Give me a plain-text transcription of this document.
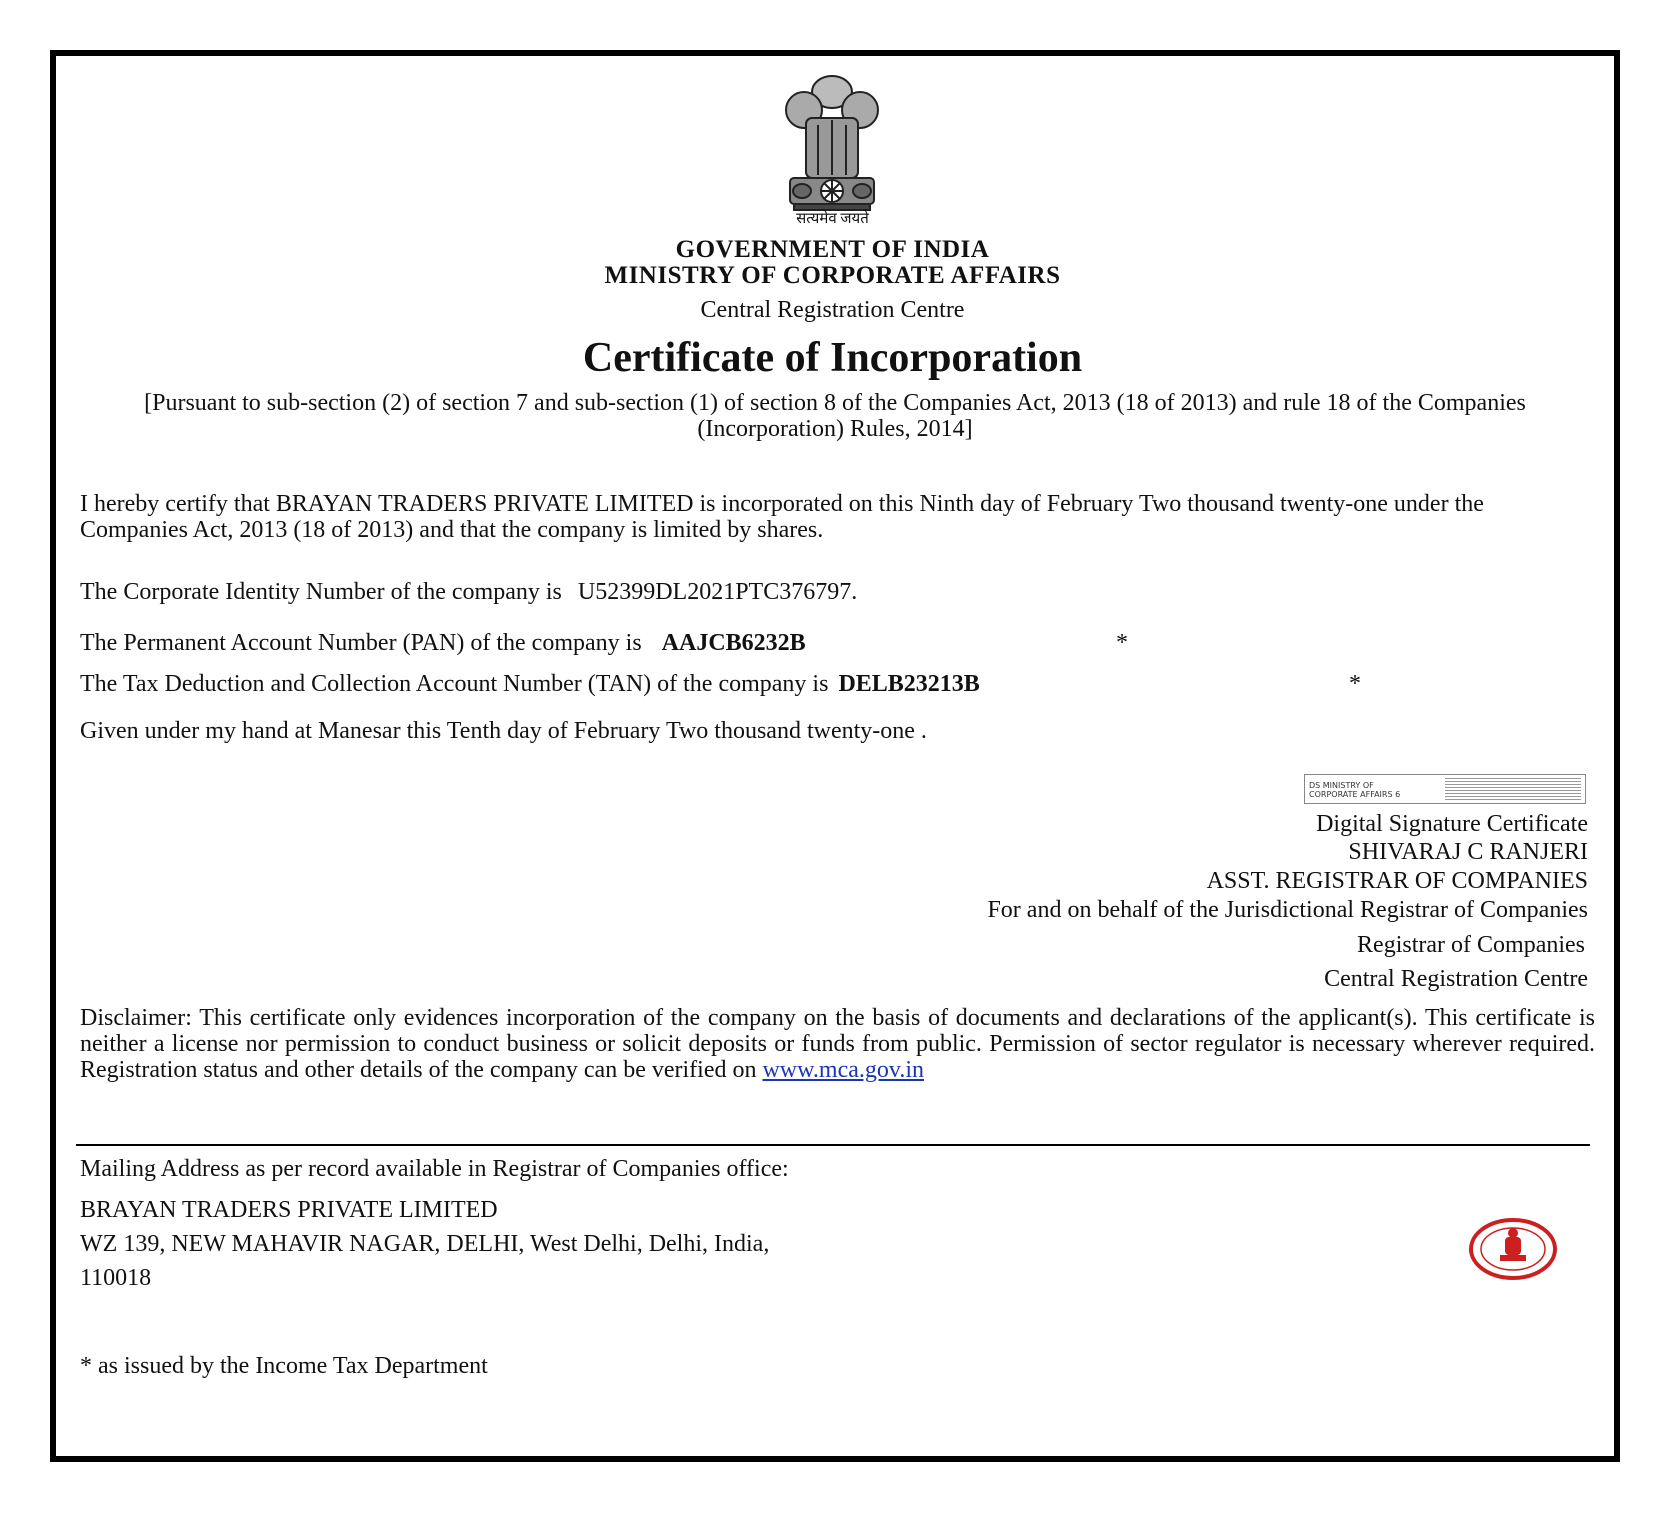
सत्यमेव जयते
GOVERNMENT OF INDIA
MINISTRY OF CORPORATE AFFAIRS
Central Registration Centre
Certificate of Incorporation
[Pursuant to sub-section (2) of section 7 and sub-section (1) of section 8 of the Companies Act, 2013 (18 of 2013) and rule 18 of the Companies (Incorporation) Rules, 2014]
I hereby certify that BRAYAN TRADERS PRIVATE LIMITED is incorporated on this Ninth day of February Two thousand twenty-one under the Companies Act, 2013 (18 of 2013) and that the company is limited by shares.
The Corporate Identity Number of the company is U52399DL2021PTC376797.
The Permanent Account Number (PAN) of the company is AAJCB6232B	*
The Tax Deduction and Collection Account Number (TAN) of the company is DELB23213B	*
Given under my hand at Manesar this Tenth day of February Two thousand twenty-one .
DS MINISTRY OF
CORPORATE AFFAIRS 6
Digital Signature Certificate
SHIVARAJ C RANJERI
ASST. REGISTRAR OF COMPANIES
For and on behalf of the Jurisdictional Registrar of Companies
Registrar of Companies
Central Registration Centre
Disclaimer: This certificate only evidences incorporation of the company on the basis of documents and declarations of the applicant(s). This certificate is neither a license nor permission to conduct business or solicit deposits or funds from public. Permission of sector regulator is necessary wherever required. Registration status and other details of the company can be verified on www.mca.gov.in
Mailing Address as per record available in Registrar of Companies office:
BRAYAN TRADERS PRIVATE LIMITED
WZ 139, NEW MAHAVIR NAGAR, DELHI, West Delhi, Delhi, India,
110018
* as issued by the Income Tax Department
